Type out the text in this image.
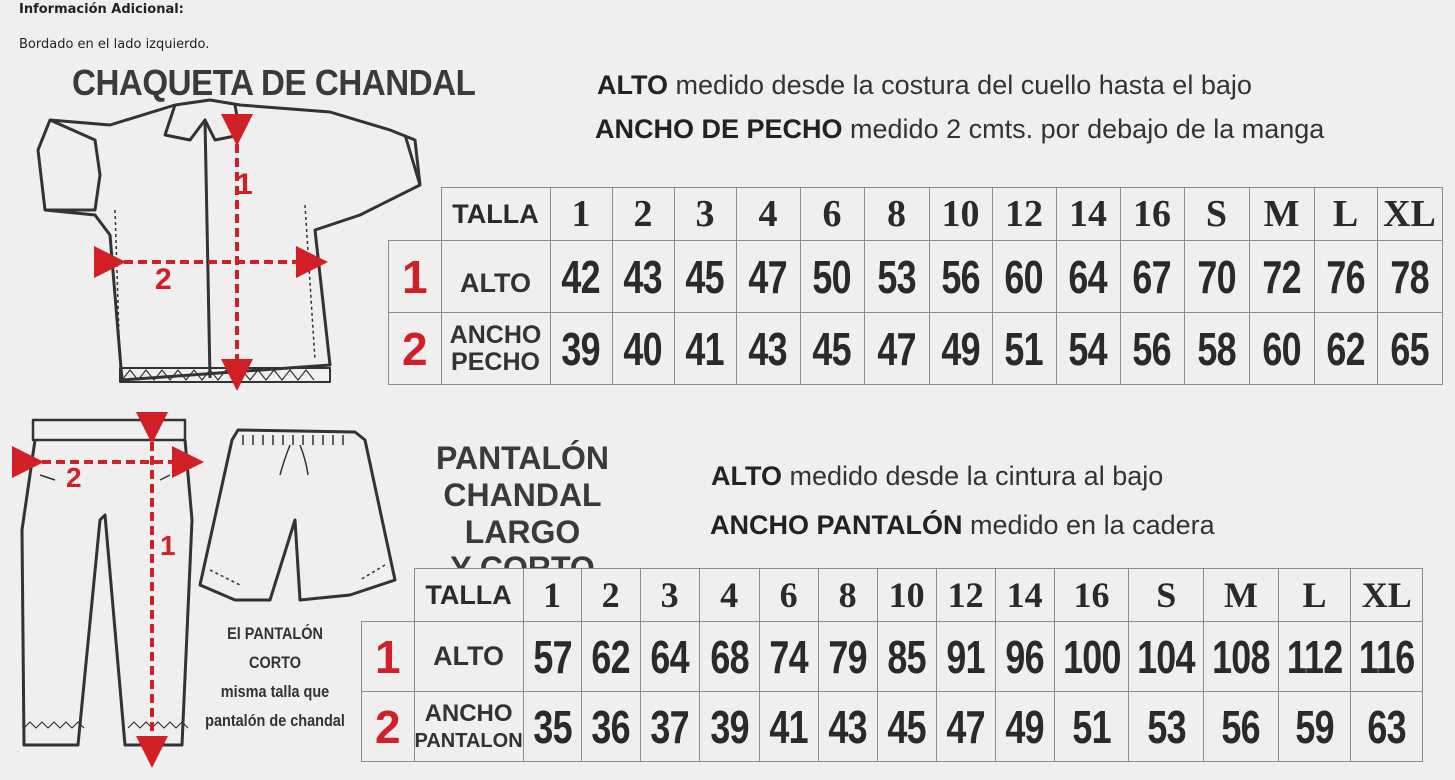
Información Adicional:
Bordado en el lado izquierdo.
1
2
1
2
CHAQUETA DE CHANDAL	ALTO medido desde la costura del cuello hasta el bajo
ANCHO DE PECHO medido 2 cmts. por debajo de la manga
	TALLA	1	2	3	4	6	8	10	12	14	16	S	M	L	XL
1	ALTO	42	43	45	47	50	53	56	60	64	67	70	72	76	78
2	ANCHO
PECHO	39	40	41	43	45	47	49	51	54	56	58	60	62	65
PANTALÓN
CHANDAL LARGO
ALTO medido desde la cintura al bajo
ANCHO PANTALÓN medido en la cadera
El PANTALÓN CORTO
misma talla que
pantalón de chandal
	TALLA	1	2	3	4	6	8	10	12	14	16	S	M	L	XL
1	ALTO	57	62	64	68	74	79	85	91	96	100	104	108	112	116
2	ANCHO
PANTALON	35	36	37	39	41	43	45	47	49	51	53	56	59	63
